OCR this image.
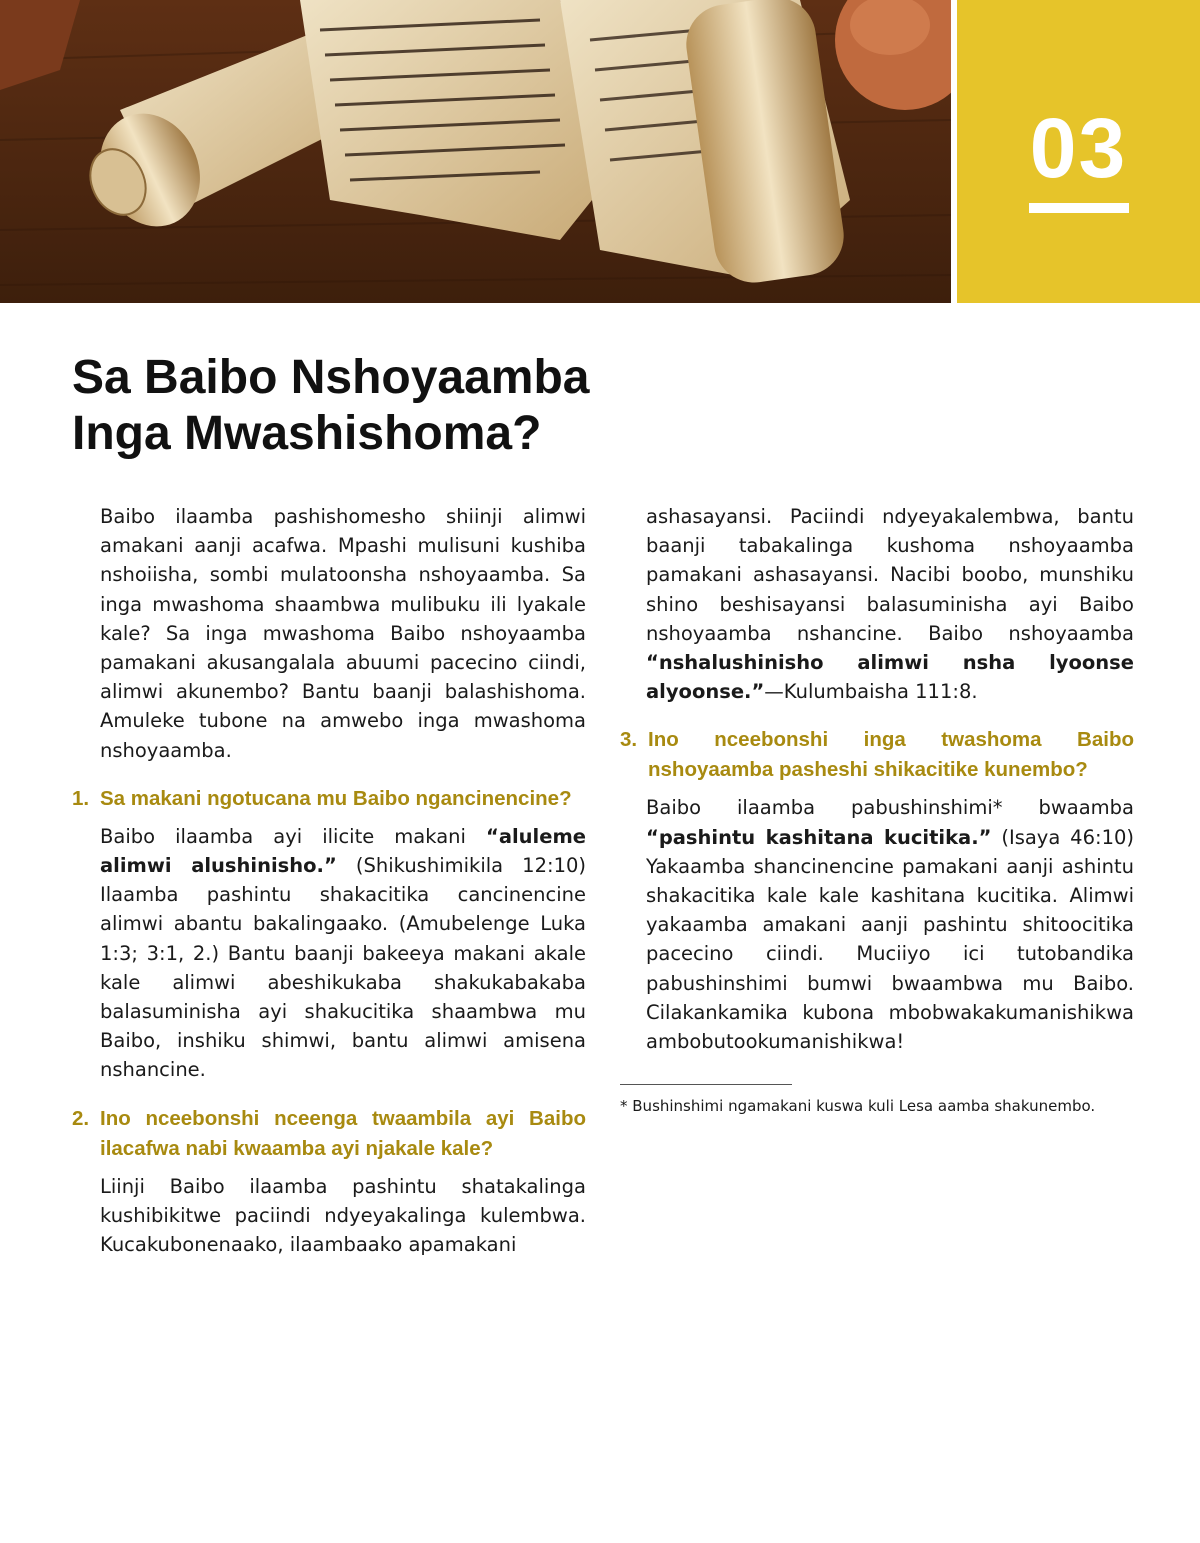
03
Sa Baibo Nshoyaamba
Inga Mwashishoma?

Baibo ilaamba pashishomesho shiinji alimwi amakani aanji acafwa. Mpashi mulisuni kushiba nshoiisha, sombi mulatoonsha nshoyaamba. Sa inga mwashoma shaambwa mulibuku ili lyakale kale? Sa inga mwashoma Baibo nshoyaamba pamakani akusangalala abuumi pacecino ciindi, alimwi akunembo? Bantu baanji balashishoma. Amuleke tubone na amwebo inga mwashoma nshoyaamba.

1. Sa makani ngotucana mu Baibo ngancinencine?

Baibo ilaamba ayi ilicite makani “aluleme alimwi alushinisho.” (Shikushimikila 12:10) Ilaamba pashintu shakacitika cancinencine alimwi abantu bakalingaako. (Amubelenge Luka 1:3; 3:1, 2.) Bantu baanji bakeeya makani akale kale alimwi abeshikukaba shakukabakaba balasuminisha ayi shakucitika shaambwa mu Baibo, inshiku shimwi, bantu alimwi amisena nshancine.

2. Ino nceebonshi nceenga twaambila ayi Baibo ilacafwa nabi kwaamba ayi njakale kale?

Liinji Baibo ilaamba pashintu shatakalinga kushibikitwe paciindi ndyeyakalinga kulembwa. Kucakubonenaako, ilaambaako apamakani

ashasayansi. Paciindi ndyeyakalembwa, bantu baanji tabakalinga kushoma nshoyaamba pamakani ashasayansi. Nacibi boobo, munshiku shino beshisayansi balasuminisha ayi Baibo nshoyaamba nshancine. Baibo nshoyaamba “nshalushinisho alimwi nsha lyoonse alyoonse.”—Kulumbaisha 111:8.

3. Ino nceebonshi inga twashoma Baibo nshoyaamba pasheshi shikacitike kunembo?

Baibo ilaamba pabushinshimi* bwaamba “pashintu kashitana kucitika.” (Isaya 46:10) Yakaamba shancinencine pamakani aanji ashintu shakacitika kale kale kashitana kucitika. Alimwi yakaamba amakani aanji pashintu shitoocitika pacecino ciindi. Muciiyo ici tutobandika pabushinshimi bumwi bwaambwa mu Baibo. Cilakankamika kubona mbobwakakumanishikwa ambobutookumanishikwa!

* Bushinshimi ngamakani kuswa kuli Lesa aamba shakunembo.
